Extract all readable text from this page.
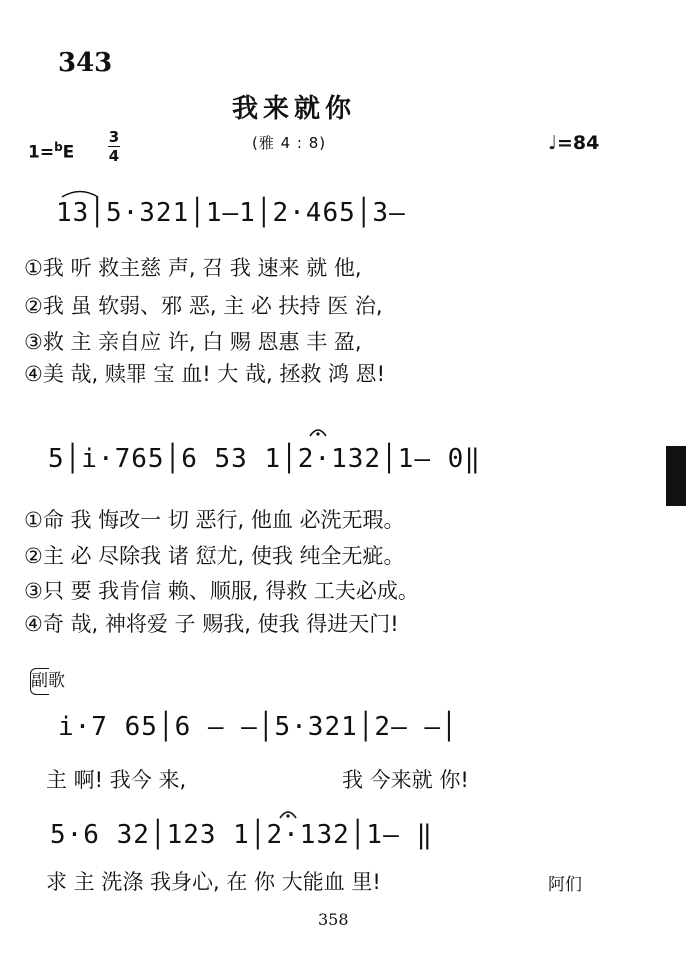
343
我来就你
(雅 4 : 8)
1=$^b$E
3
4
♩=84
13│5·321│1–1│2·465│3–
①我 听 救主慈 声, 召 我 速来 就 他,
②我 虽 软弱、邪 恶, 主 必 扶持 医 治,
③救 主 亲自应 许, 白 赐 恩惠 丰 盈,
④美 哉, 赎罪 宝 血! 大 哉, 拯救 鸿 恩!
5│i·765│6 53 1│2·132│1– 0‖
①命 我 悔改一 切 恶行, 他血 必洗无瑕。
②主 必 尽除我 诸 愆尤, 使我 纯全无疵。
③只 要 我肯信 赖、顺服, 得救 工夫必成。
④奇 哉, 神将爱 子 赐我, 使我 得进天门!
副歌
i·7 65│6 – –│5·321│2– –│
主 啊! 我今 来,	我 今来就 你!
5·6 32│123 1│2·132│1– ‖
求 主 洗涤 我身心, 在 你 大能血 里!	阿们
358
